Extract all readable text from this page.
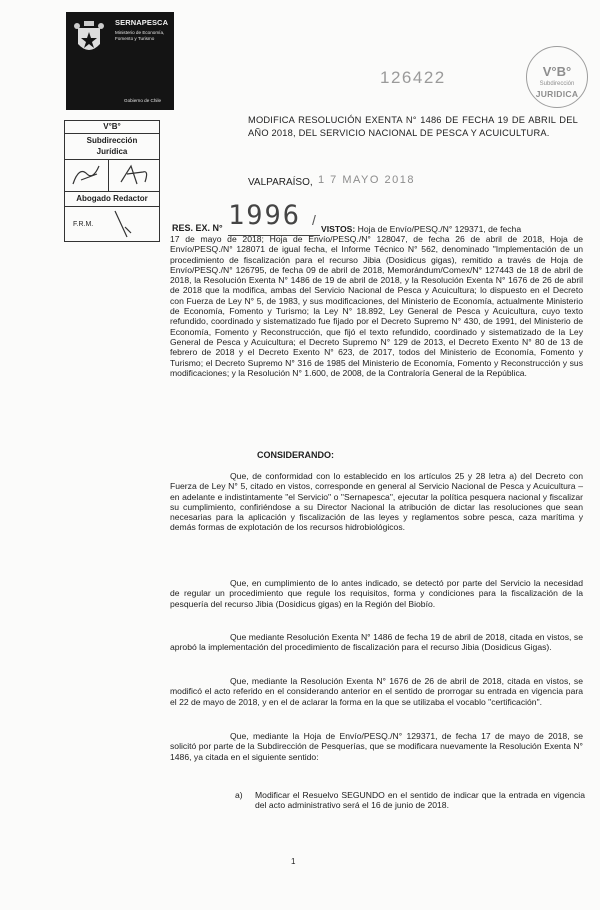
SERNAPESCA
Ministerio de Economía, Fomento y Turismo
Gobierno de Chile
126422	V°B°
Subdirección
JURIDICA
V°B°
Subdirección
Jurídica
Abogado Redactor
F.R.M.
MODIFICA RESOLUCIÓN EXENTA N° 1486 DE FECHA 19 DE ABRIL DEL AÑO 2018, DEL SERVICIO NACIONAL DE PESCA Y ACUICULTURA.
VALPARAÍSO, 1 7 MAYO 2018
RES. EX. N° 1996 /
VISTOS: Hoja de Envío/PESQ./N° 129371, de fecha
17 de mayo de 2018; Hoja de Envío/PESQ./N° 128047, de fecha 26 de abril de 2018, Hoja de Envío/PESQ./N° 128071 de igual fecha, el Informe Técnico N° 562, denominado "Implementación de un procedimiento de fiscalización para el recurso Jibia (Dosidicus gigas), remitido a través de Hoja de Envío/PESQ./N° 126795, de fecha 09 de abril de 2018, Memorándum/Comex/N° 127443 de 18 de abril de 2018, la Resolución Exenta N° 1486 de 19 de abril de 2018, y la Resolución Exenta N° 1676 de 26 de abril de 2018 que la modifica, ambas del Servicio Nacional de Pesca y Acuicultura; lo dispuesto en el Decreto con Fuerza de Ley N° 5, de 1983, y sus modificaciones, del Ministerio de Economía, actualmente Ministerio de Economía, Fomento y Turismo; la Ley N° 18.892, Ley General de Pesca y Acuicultura, cuyo texto refundido, coordinado y sistematizado fue fijado por el Decreto Supremo N° 430, de 1991, del Ministerio de Economía, Fomento y Reconstrucción, que fijó el texto refundido, coordinado y sistematizado de la Ley General de Pesca y Acuicultura; el Decreto Supremo N° 129 de 2013, el Decreto Exento N° 80 de 13 de febrero de 2018 y el Decreto Exento N° 623, de 2017, todos del Ministerio de Economía, Fomento y Turismo; el Decreto Supremo N° 316 de 1985 del Ministerio de Economía, Fomento y Reconstrucción y sus modificaciones; y la Resolución N° 1.600, de 2008, de la Contraloría General de la República.
CONSIDERANDO:
Que, de conformidad con lo establecido en los artículos 25 y 28 letra a) del Decreto con Fuerza de Ley N° 5, citado en vistos, corresponde en general al Servicio Nacional de Pesca y Acuicultura – en adelante e indistintamente "el Servicio" o "Sernapesca", ejecutar la política pesquera nacional y fiscalizar su cumplimiento, confiriéndose a su Director Nacional la atribución de dictar las resoluciones que sean necesarias para la aplicación y fiscalización de las leyes y reglamentos sobre pesca, caza marítima y demás formas de explotación de los recursos hidrobiológicos.
Que, en cumplimiento de lo antes indicado, se detectó por parte del Servicio la necesidad de regular un procedimiento que regule los requisitos, forma y condiciones para la fiscalización de la pesquería del recurso Jibia (Dosidicus gigas) en la Región del Biobío.
Que mediante Resolución Exenta N° 1486 de fecha 19 de abril de 2018, citada en vistos, se aprobó la implementación del procedimiento de fiscalización para el recurso Jibia (Dosidicus Gigas).
Que, mediante la Resolución Exenta N° 1676 de 26 de abril de 2018, citada en vistos, se modificó el acto referido en el considerando anterior en el sentido de prorrogar su entrada en vigencia para el 22 de mayo de 2018, y en el de aclarar la forma en la que se utilizaba el vocablo "certificación".
Que, mediante la Hoja de Envío/PESQ./N° 129371, de fecha 17 de mayo de 2018, se solicitó por parte de la Subdirección de Pesquerías, que se modificara nuevamente la Resolución Exenta N° 1486, ya citada en el siguiente sentido:
a) Modificar el Resuelvo SEGUNDO en el sentido de indicar que la entrada en vigencia del acto administrativo será el 16 de junio de 2018.
1
